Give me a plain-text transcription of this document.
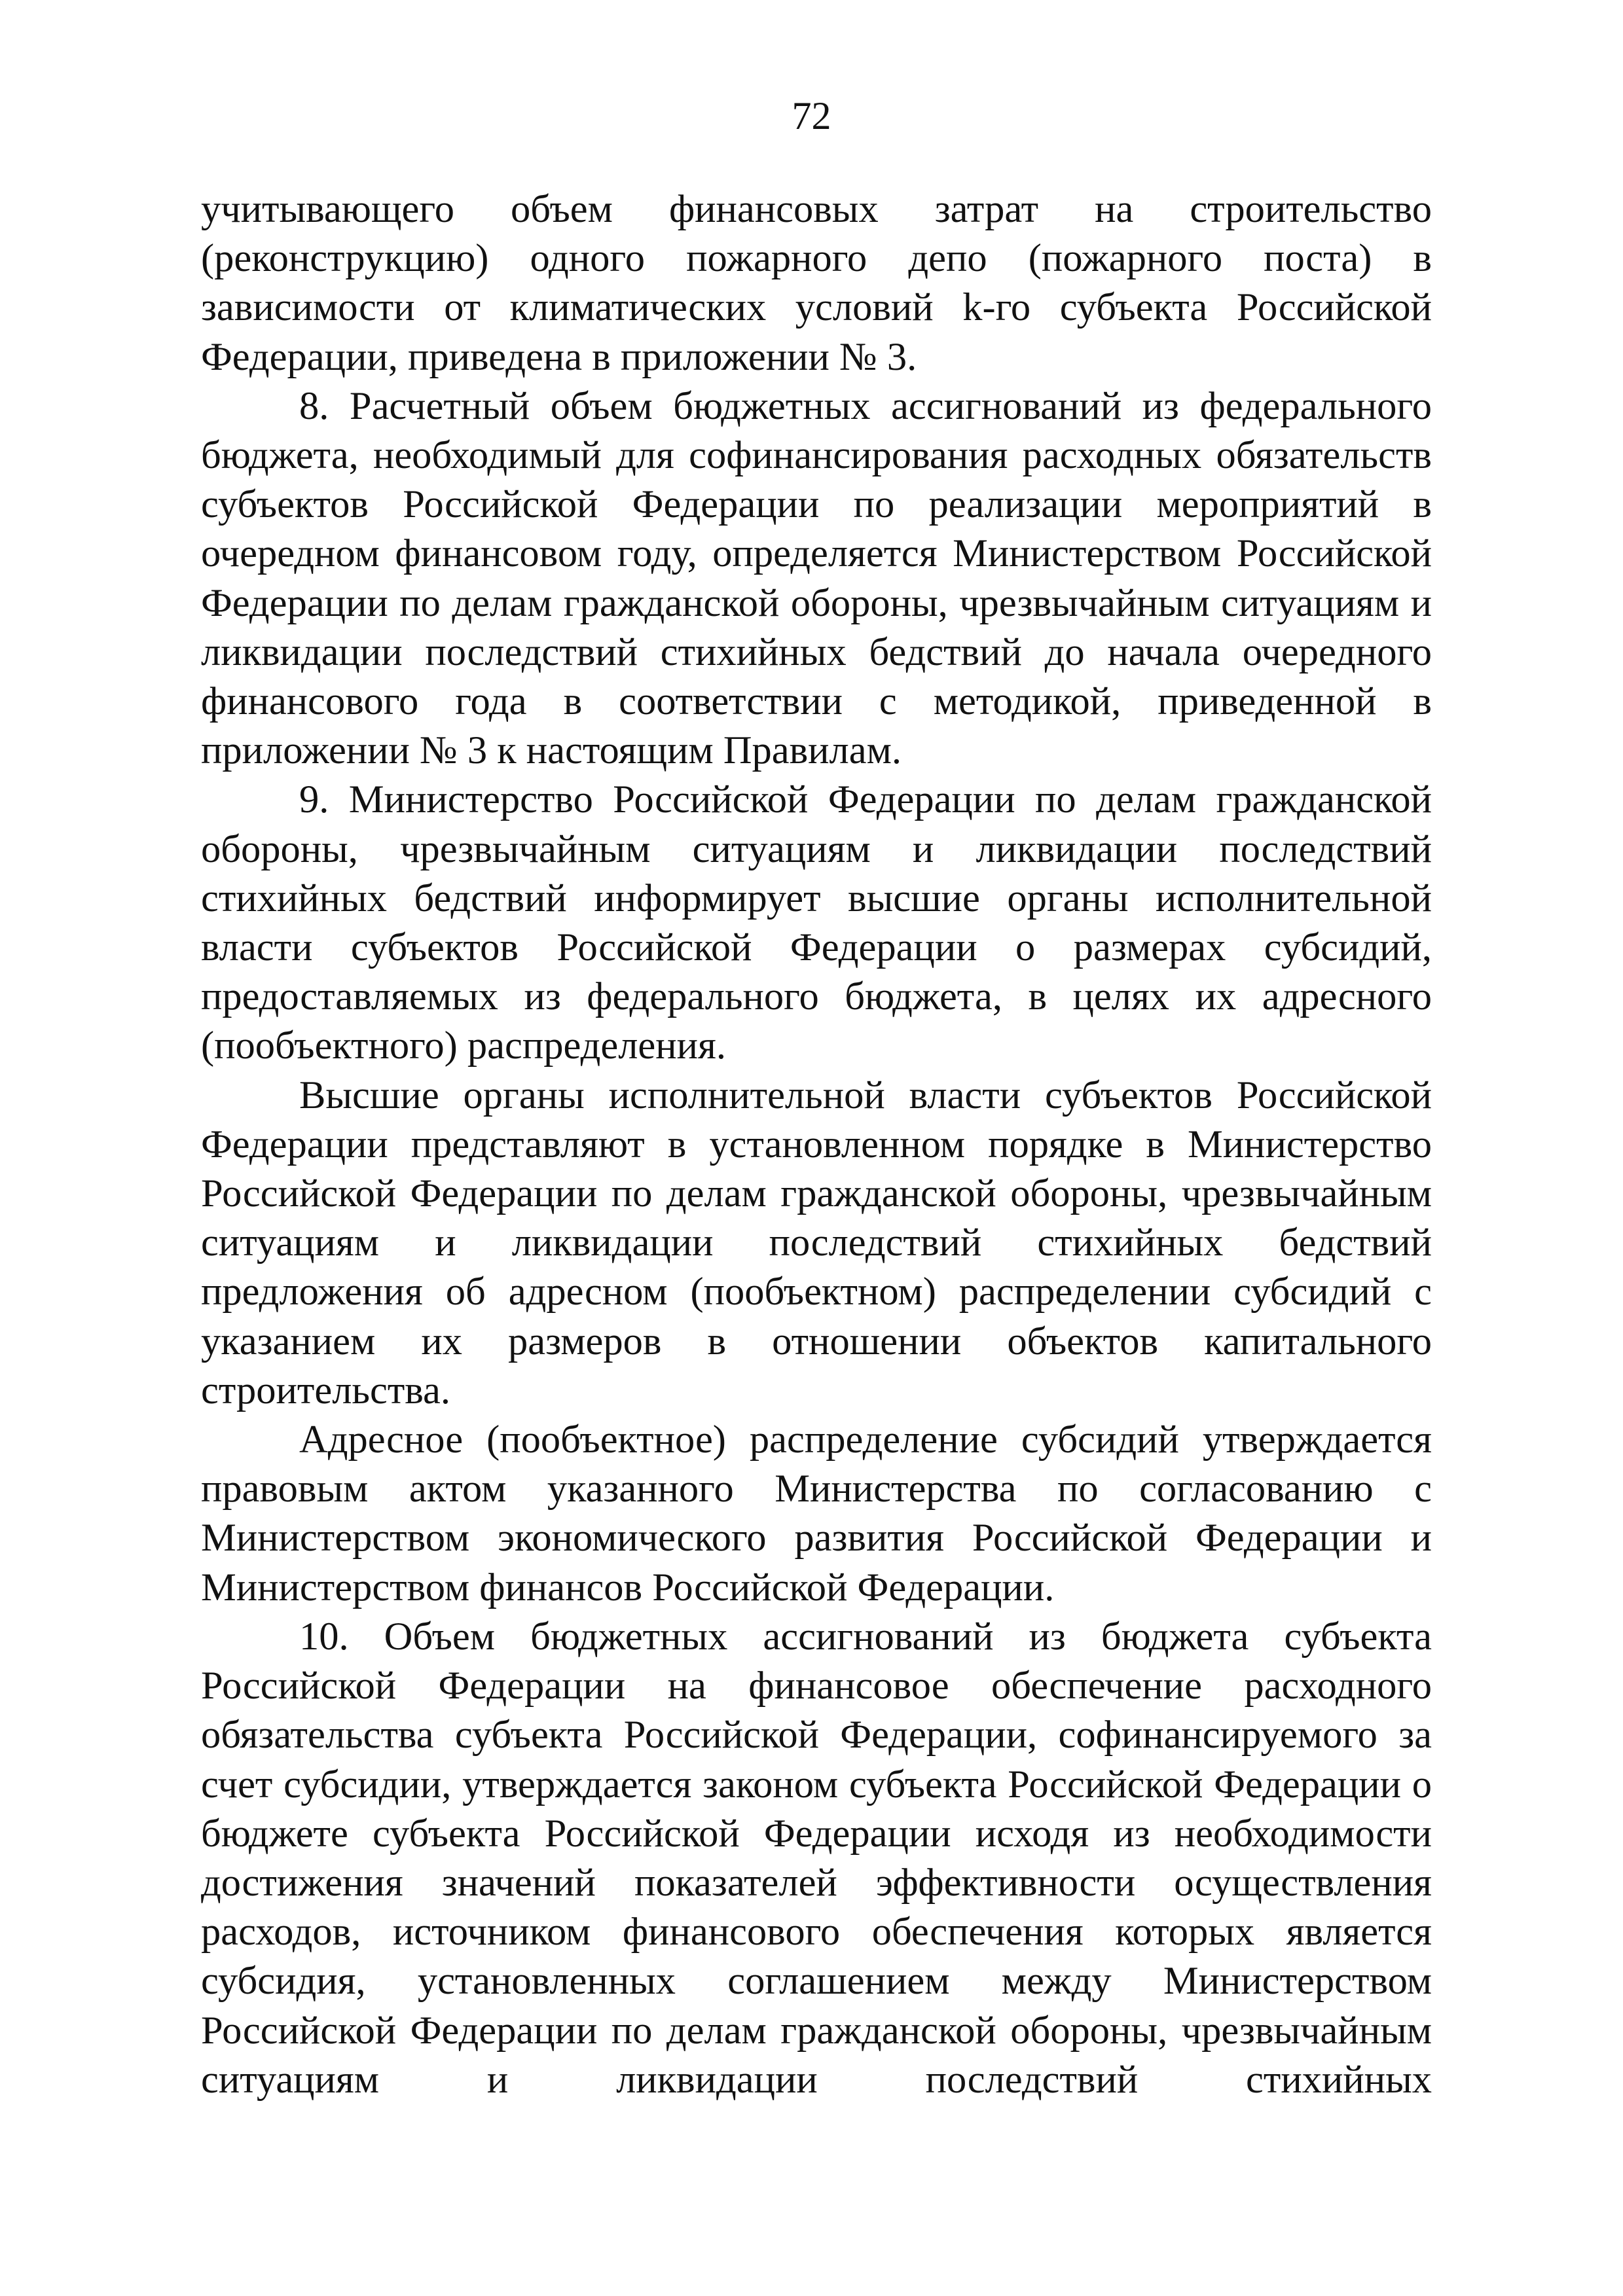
72

учитывающего объем финансовых затрат на строительство (реконструкцию) одного пожарного депо (пожарного поста) в зависимости от климатических условий k-го субъекта Российской Федерации, приведена в приложении № 3.

8. Расчетный объем бюджетных ассигнований из федерального бюджета, необходимый для софинансирования расходных обязательств субъектов Российской Федерации по реализации мероприятий в очередном финансовом году, определяется Министерством Российской Федерации по делам гражданской обороны, чрезвычайным ситуациям и ликвидации последствий стихийных бедствий до начала очередного финансового года в соответствии с методикой, приведенной в приложении № 3 к настоящим Правилам.

9. Министерство Российской Федерации по делам гражданской обороны, чрезвычайным ситуациям и ликвидации последствий стихийных бедствий информирует высшие органы исполнительной власти субъектов Российской Федерации о размерах субсидий, предоставляемых из федерального бюджета, в целях их адресного (пообъектного) распределения.

Высшие органы исполнительной власти субъектов Российской Федерации представляют в установленном порядке в Министерство Российской Федерации по делам гражданской обороны, чрезвычайным ситуациям и ликвидации последствий стихийных бедствий предложения об адресном (пообъектном) распределении субсидий с указанием их размеров в отношении объектов капитального строительства.

Адресное (пообъектное) распределение субсидий утверждается правовым актом указанного Министерства по согласованию с Министерством экономического развития Российской Федерации и Министерством финансов Российской Федерации.

10. Объем бюджетных ассигнований из бюджета субъекта Российской Федерации на финансовое обеспечение расходного обязательства субъекта Российской Федерации, софинансируемого за счет субсидии, утверждается законом субъекта Российской Федерации о бюджете субъекта Российской Федерации исходя из необходимости достижения значений показателей эффективности осуществления расходов, источником финансового обеспечения которых является субсидия, установленных соглашением между Министерством Российской Федерации по делам гражданской обороны, чрезвычайным ситуациям и ликвидации последствий стихийных
